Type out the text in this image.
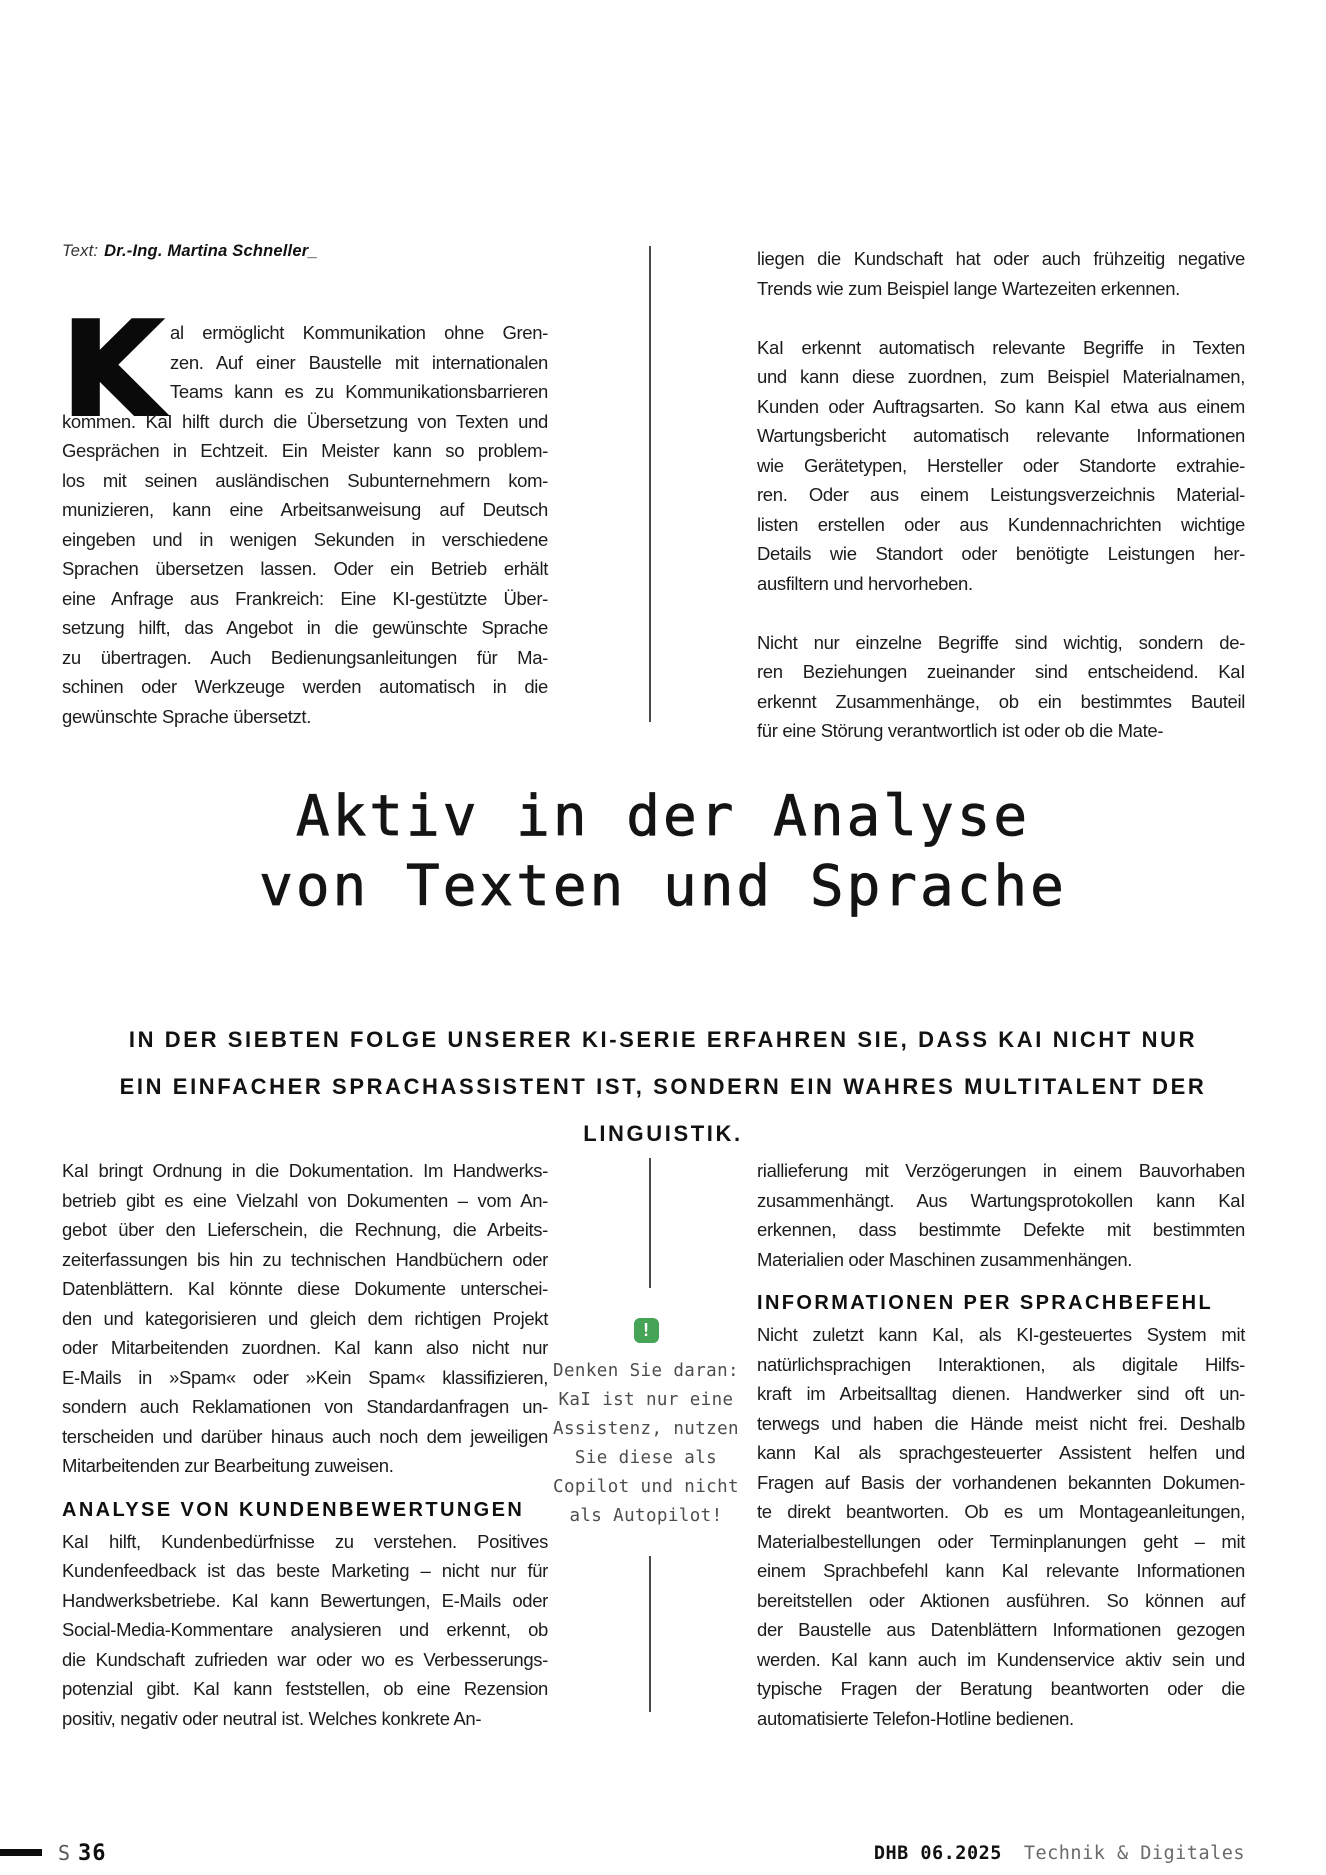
Text: Dr.-Ing. Martina Schneller_
K al ermöglicht Kommunikation ohne Gren-
zen. Auf einer Baustelle mit internationalen
Teams kann es zu Kommunikationsbarrieren
kommen. KaI hilft durch die Übersetzung von Texten und
Gesprächen in Echtzeit. Ein Meister kann so problem-
los mit seinen ausländischen Subunternehmern kom-
munizieren, kann eine Arbeitsanweisung auf Deutsch
eingeben und in wenigen Sekunden in verschiedene
Sprachen übersetzen lassen. Oder ein Betrieb erhält
eine Anfrage aus Frankreich: Eine KI-gestützte Über-
setzung hilft, das Angebot in die gewünschte Sprache
zu übertragen. Auch Bedienungsanleitungen für Ma-
schinen oder Werkzeuge werden automatisch in die
gewünschte Sprache übersetzt.
liegen die Kundschaft hat oder auch frühzeitig negative
Trends wie zum Beispiel lange Wartezeiten erkennen.
KaI erkennt automatisch relevante Begriffe in Texten
und kann diese zuordnen, zum Beispiel Materialnamen,
Kunden oder Auftragsarten. So kann KaI etwa aus einem
Wartungsbericht automatisch relevante Informationen
wie Gerätetypen, Hersteller oder Standorte extrahie-
ren. Oder aus einem Leistungsverzeichnis Material-
listen erstellen oder aus Kundennachrichten wichtige
Details wie Standort oder benötigte Leistungen her-
ausfiltern und hervorheben.
Nicht nur einzelne Begriffe sind wichtig, sondern de-
ren Beziehungen zueinander sind entscheidend. KaI
erkennt Zusammenhänge, ob ein bestimmtes Bauteil
für eine Störung verantwortlich ist oder ob die Mate-
Aktiv in der Analyse
von Texten und Sprache
IN DER SIEBTEN FOLGE UNSERER KI-SERIE ERFAHREN SIE, DASS KAI NICHT NUR
EIN EINFACHER SPRACHASSISTENT IST, SONDERN EIN WAHRES MULTITALENT DER
LINGUISTIK.
KaI bringt Ordnung in die Dokumentation. Im Handwerks-
betrieb gibt es eine Vielzahl von Dokumenten – vom An-
gebot über den Lieferschein, die Rechnung, die Arbeits-
zeiterfassungen bis hin zu technischen Handbüchern oder
Datenblättern. KaI könnte diese Dokumente unterschei-
den und kategorisieren und gleich dem richtigen Projekt
oder Mitarbeitenden zuordnen. KaI kann also nicht nur
E-Mails in »Spam« oder »Kein Spam« klassifizieren,
sondern auch Reklamationen von Standardanfragen un-
terscheiden und darüber hinaus auch noch dem jeweiligen
Mitarbeitenden zur Bearbeitung zuweisen.
ANALYSE VON KUNDENBEWERTUNGEN
KaI hilft, Kundenbedürfnisse zu verstehen. Positives
Kundenfeedback ist das beste Marketing – nicht nur für
Handwerksbetriebe. KaI kann Bewertungen, E-Mails oder
Social-Media-Kommentare analysieren und erkennt, ob
die Kundschaft zufrieden war oder wo es Verbesserungs-
potenzial gibt. KaI kann feststellen, ob eine Rezension
positiv, negativ oder neutral ist. Welches konkrete An-
riallieferung mit Verzögerungen in einem Bauvorhaben
zusammenhängt. Aus Wartungsprotokollen kann KaI
erkennen, dass bestimmte Defekte mit bestimmten
Materialien oder Maschinen zusammenhängen.
INFORMATIONEN PER SPRACHBEFEHL
Nicht zuletzt kann KaI, als KI-gesteuertes System mit
natürlichsprachigen Interaktionen, als digitale Hilfs-
kraft im Arbeitsalltag dienen. Handwerker sind oft un-
terwegs und haben die Hände meist nicht frei. Deshalb
kann KaI als sprachgesteuerter Assistent helfen und
Fragen auf Basis der vorhandenen bekannten Dokumen-
te direkt beantworten. Ob es um Montageanleitungen,
Materialbestellungen oder Terminplanungen geht – mit
einem Sprachbefehl kann KaI relevante Informationen
bereitstellen oder Aktionen ausführen. So können auf
der Baustelle aus Datenblättern Informationen gezogen
werden. KaI kann auch im Kundenservice aktiv sein und
typische Fragen der Beratung beantworten oder die
automatisierte Telefon-Hotline bedienen.
!
Denken Sie daran:
KaI ist nur eine
Assistenz, nutzen
Sie diese als
Copilot und nicht
als Autopilot!
S 36	DHB 06.2025 Technik & Digitales
